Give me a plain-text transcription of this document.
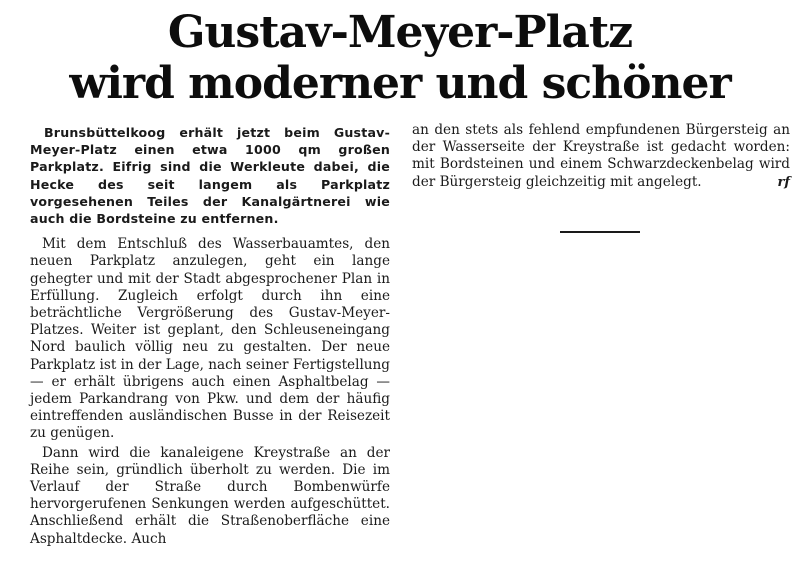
Gustav-Meyer-Platz
wird moderner und schöner

Brunsbüttelkoog erhält jetzt beim Gustav-Meyer-Platz einen etwa 1000 qm großen Parkplatz. Eifrig sind die Werkleute dabei, die Hecke des seit langem als Parkplatz vorgesehenen Teiles der Kanalgärtnerei wie auch die Bordsteine zu entfernen.

Mit dem Entschluß des Wasserbauamtes, den neuen Parkplatz anzulegen, geht ein lange gehegter und mit der Stadt abgesprochener Plan in Erfüllung. Zugleich erfolgt durch ihn eine beträchtliche Vergrößerung des Gustav-Meyer-Platzes. Weiter ist geplant, den Schleuseneingang Nord baulich völlig neu zu gestalten. Der neue Parkplatz ist in der Lage, nach seiner Fertigstellung — er erhält übrigens auch einen Asphaltbelag — jedem Parkandrang von Pkw. und dem der häufig eintreffenden ausländischen Busse in der Reisezeit zu genügen.

Dann wird die kanaleigene Kreystraße an der Reihe sein, gründlich überholt zu werden. Die im Verlauf der Straße durch Bombenwürfe hervorgerufenen Senkungen werden aufgeschüttet. Anschließend erhält die Straßenoberfläche eine Asphaltdecke. Auch

an den stets als fehlend empfundenen Bürgersteig an der Wasserseite der Kreystraße ist gedacht worden: mit Bordsteinen und einem Schwarzdeckenbelag wird der Bürgersteig gleichzeitig mit angelegt.	rf
